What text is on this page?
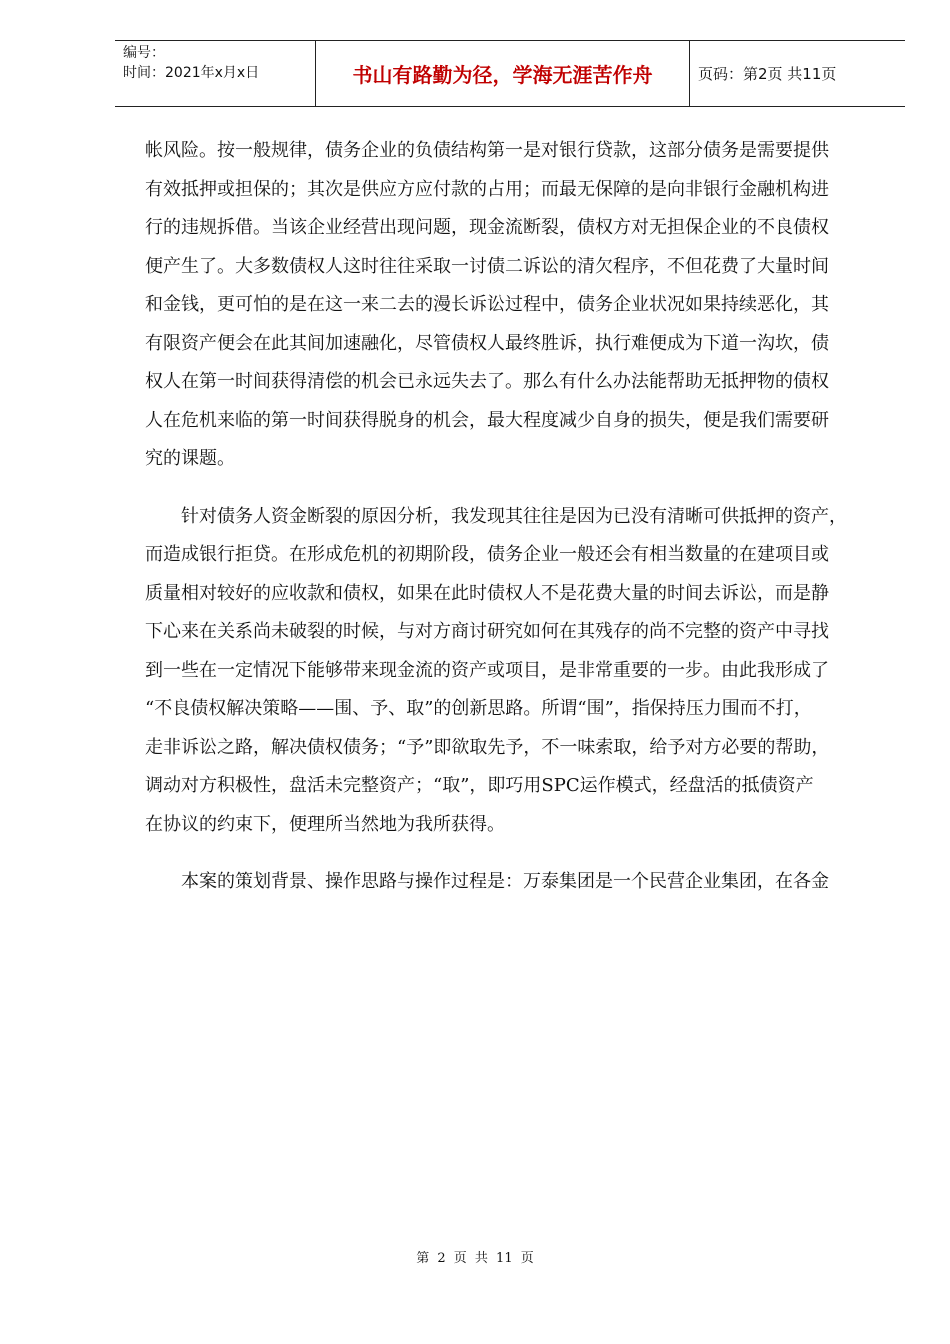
编号：
时间：2021年x月x日	书山有路勤为径，学海无涯苦作舟	页码：第2页 共11页

帐风险。按一般规律，债务企业的负债结构第一是对银行贷款，这部分债务是需要提供
有效抵押或担保的；其次是供应方应付款的占用；而最无保障的是向非银行金融机构进
行的违规拆借。当该企业经营出现问题，现金流断裂，债权方对无担保企业的不良债权
便产生了。大多数债权人这时往往采取一讨债二诉讼的清欠程序，不但花费了大量时间
和金钱，更可怕的是在这一来二去的漫长诉讼过程中，债务企业状况如果持续恶化，其
有限资产便会在此其间加速融化，尽管债权人最终胜诉，执行难便成为下道一沟坎，债
权人在第一时间获得清偿的机会已永远失去了。那么有什么办法能帮助无抵押物的债权
人在危机来临的第一时间获得脱身的机会，最大程度减少自身的损失，便是我们需要研
究的课题。

针对债务人资金断裂的原因分析，我发现其往往是因为已没有清晰可供抵押的资产，
而造成银行拒贷。在形成危机的初期阶段，债务企业一般还会有相当数量的在建项目或
质量相对较好的应收款和债权，如果在此时债权人不是花费大量的时间去诉讼，而是静
下心来在关系尚未破裂的时候，与对方商讨研究如何在其残存的尚不完整的资产中寻找
到一些在一定情况下能够带来现金流的资产或项目，是非常重要的一步。由此我形成了
“不良债权解决策略——围、予、取”的创新思路。所谓“围”，指保持压力围而不打，
走非诉讼之路，解决债权债务；“予”即欲取先予，不一味索取，给予对方必要的帮助，
调动对方积极性，盘活未完整资产；“取”，即巧用SPC运作模式，经盘活的抵债资产
在协议的约束下，便理所当然地为我所获得。

本案的策划背景、操作思路与操作过程是：万泰集团是一个民营企业集团，在各金

第 2 页 共 11 页
